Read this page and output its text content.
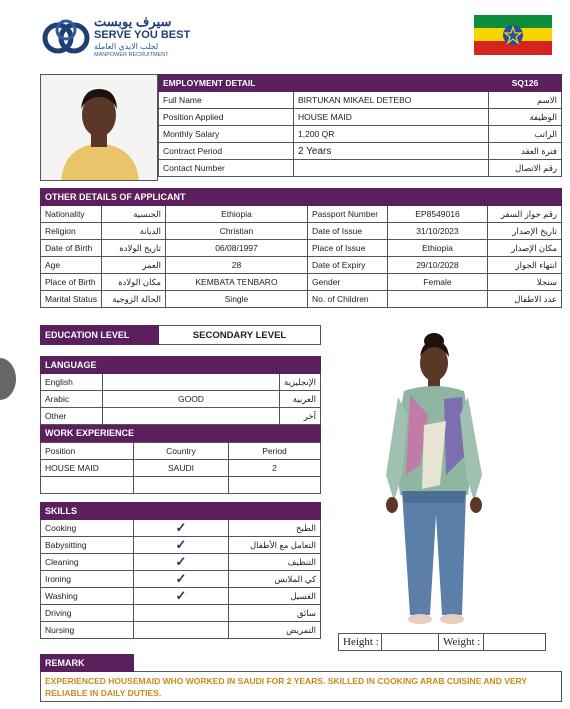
سيرف يوبست
SERVE YOU BEST
لجلب الايدي العاملة
MANPOWER RECRUITMENT
EMPLOYMENT DETAIL		SQ126
Full Name	BIRTUKAN MIKAEL DETEBO	الاسم
Position Applied	HOUSE MAID	الوظيفة
Monthly Salary	1,200 QR	الراتب
Contract Period	2 Years	فترة العقد
Contact Number		رقم الاتصال
OTHER DETAILS OF APPLICANT					
Nationality	الجنسية	Ethiopia	Passport Number	EP8549016	رقم جواز السفر
Religion	الديانة	Christian	Date of Issue	31/10/2023	تاريخ الإصدار
Date of Birth	تاريخ الولادة	06/08/1997	Place of Issue	Ethiopia	مكان الإصدار
Age	العمر	28	Date of Expiry	29/10/2028	انتهاء الجواز
Place of Birth	مكان الولادة	KEMBATA TENBARO	Gender	Female	سنجلا
Marital Status	الحالة الزوجية	Single	No. of Children		عدد الاطفال
EDUCATION LEVEL	SECONDARY LEVEL
LANGUAGE		
English		الإنجليزية
Arabic	GOOD	العربية
Other		آخر
WORK EXPERIENCE		
Position	Country	Period
HOUSE MAID	SAUDI	2

SKILLS		
Cooking	✓	الطبخ
Babysitting	✓	التعامل مع الأطفال
Cleaning	✓	التنظيف
Ironing	✓	كي الملابس
Washing	✓	الغسيل
Driving		سائق
Nursing		التمريض
Height :	Weight :
REMARK	
EXPERIENCED HOUSEMAID WHO WORKED IN SAUDI FOR 2 YEARS. SKILLED IN COOKING ARAB CUISINE AND VERY RELIABLE IN DAILY DUTIES.
